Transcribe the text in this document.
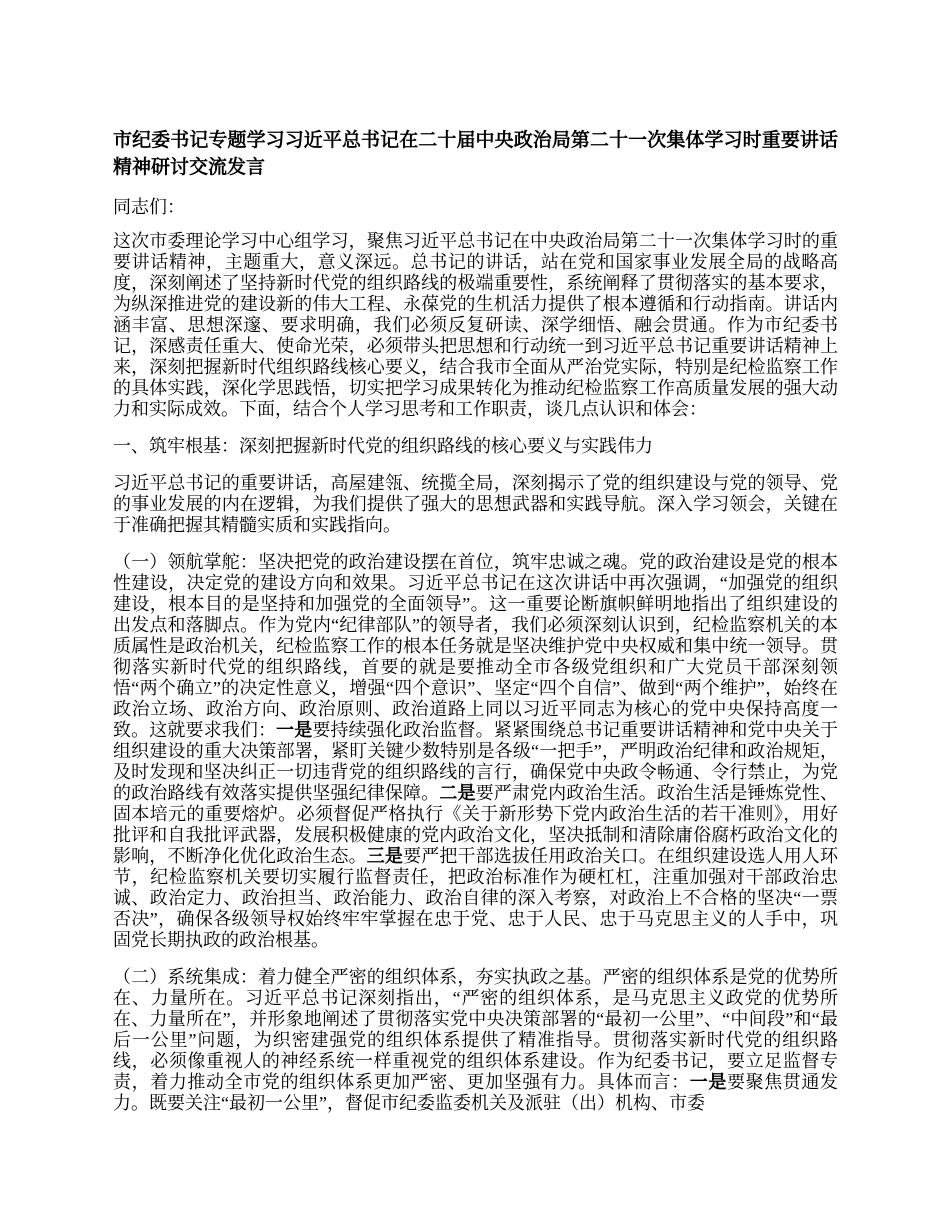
市纪委书记专题学习习近平总书记在二十届中央政治局第二十一次集体学习时重要讲话精神研讨交流发言

同志们：

这次市委理论学习中心组学习，聚焦习近平总书记在中央政治局第二十一次集体学习时的重要讲话精神，主题重大，意义深远。总书记的讲话，站在党和国家事业发展全局的战略高度，深刻阐述了坚持新时代党的组织路线的极端重要性，系统阐释了贯彻落实的基本要求，为纵深推进党的建设新的伟大工程、永葆党的生机活力提供了根本遵循和行动指南。讲话内涵丰富、思想深邃、要求明确，我们必须反复研读、深学细悟、融会贯通。作为市纪委书记，深感责任重大、使命光荣，必须带头把思想和行动统一到习近平总书记重要讲话精神上来，深刻把握新时代组织路线核心要义，结合我市全面从严治党实际，特别是纪检监察工作的具体实践，深化学思践悟，切实把学习成果转化为推动纪检监察工作高质量发展的强大动力和实际成效。下面，结合个人学习思考和工作职责，谈几点认识和体会：

一、筑牢根基：深刻把握新时代党的组织路线的核心要义与实践伟力

习近平总书记的重要讲话，高屋建瓴、统揽全局，深刻揭示了党的组织建设与党的领导、党的事业发展的内在逻辑，为我们提供了强大的思想武器和实践导航。深入学习领会，关键在于准确把握其精髓实质和实践指向。

（一）领航掌舵：坚决把党的政治建设摆在首位，筑牢忠诚之魂。党的政治建设是党的根本性建设，决定党的建设方向和效果。习近平总书记在这次讲话中再次强调，“加强党的组织建设，根本目的是坚持和加强党的全面领导”。这一重要论断旗帜鲜明地指出了组织建设的出发点和落脚点。作为党内“纪律部队”的领导者，我们必须深刻认识到，纪检监察机关的本质属性是政治机关，纪检监察工作的根本任务就是坚决维护党中央权威和集中统一领导。贯彻落实新时代党的组织路线，首要的就是要推动全市各级党组织和广大党员干部深刻领悟“两个确立”的决定性意义，增强“四个意识”、坚定“四个自信”、做到“两个维护”，始终在政治立场、政治方向、政治原则、政治道路上同以习近平同志为核心的党中央保持高度一致。这就要求我们：一是要持续强化政治监督。紧紧围绕总书记重要讲话精神和党中央关于组织建设的重大决策部署，紧盯关键少数特别是各级“一把手”，严明政治纪律和政治规矩，及时发现和坚决纠正一切违背党的组织路线的言行，确保党中央政令畅通、令行禁止，为党的政治路线有效落实提供坚强纪律保障。二是要严肃党内政治生活。政治生活是锤炼党性、固本培元的重要熔炉。必须督促严格执行《关于新形势下党内政治生活的若干准则》，用好批评和自我批评武器，发展积极健康的党内政治文化，坚决抵制和清除庸俗腐朽政治文化的影响，不断净化优化政治生态。三是要严把干部选拔任用政治关口。在组织建设选人用人环节，纪检监察机关要切实履行监督责任，把政治标准作为硬杠杠，注重加强对干部政治忠诚、政治定力、政治担当、政治能力、政治自律的深入考察，对政治上不合格的坚决“一票否决”，确保各级领导权始终牢牢掌握在忠于党、忠于人民、忠于马克思主义的人手中，巩固党长期执政的政治根基。

（二）系统集成：着力健全严密的组织体系，夯实执政之基。严密的组织体系是党的优势所在、力量所在。习近平总书记深刻指出，“严密的组织体系，是马克思主义政党的优势所在、力量所在”，并形象地阐述了贯彻落实党中央决策部署的“最初一公里”、“中间段”和“最后一公里”问题，为织密建强党的组织体系提供了精准指导。贯彻落实新时代党的组织路线，必须像重视人的神经系统一样重视党的组织体系建设。作为纪委书记，要立足监督专责，着力推动全市党的组织体系更加严密、更加坚强有力。具体而言：一是要聚焦贯通发力。既要关注“最初一公里”，督促市纪委监委机关及派驻（出）机构、市委
